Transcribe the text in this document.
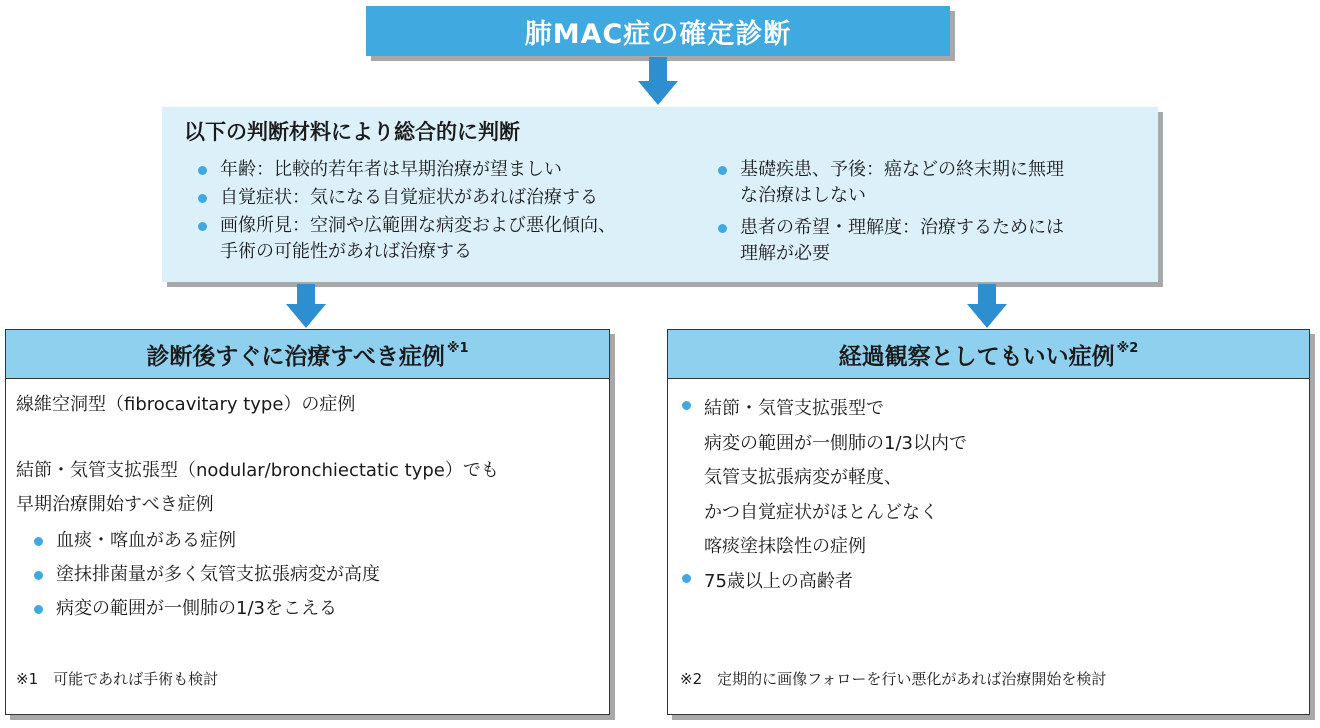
肺MAC症の確定診断
以下の判断材料により総合的に判断
年齢：比較的若年者は早期治療が望ましい
自覚症状：気になる自覚症状があれば治療する
画像所見：空洞や広範囲な病変および悪化傾向、
手術の可能性があれば治療する
基礎疾患、予後：癌などの終末期に無理
な治療はしない
患者の希望・理解度：治療するためには
理解が必要
診断後すぐに治療すべき症例$^{※1}$
線維空洞型（fibrocavitary type）の症例
結節・気管支拡張型（nodular/bronchiectatic type）でも
早期治療開始すべき症例
血痰・喀血がある症例
塗抹排菌量が多く気管支拡張病変が高度
病変の範囲が一側肺の1/3をこえる
※1　可能であれば手術も検討
経過観察としてもいい症例$^{※2}$
結節・気管支拡張型で
病変の範囲が一側肺の1/3以内で
気管支拡張病変が軽度、
かつ自覚症状がほとんどなく
喀痰塗抹陰性の症例
75歳以上の高齢者
※2　定期的に画像フォローを行い悪化があれば治療開始を検討
